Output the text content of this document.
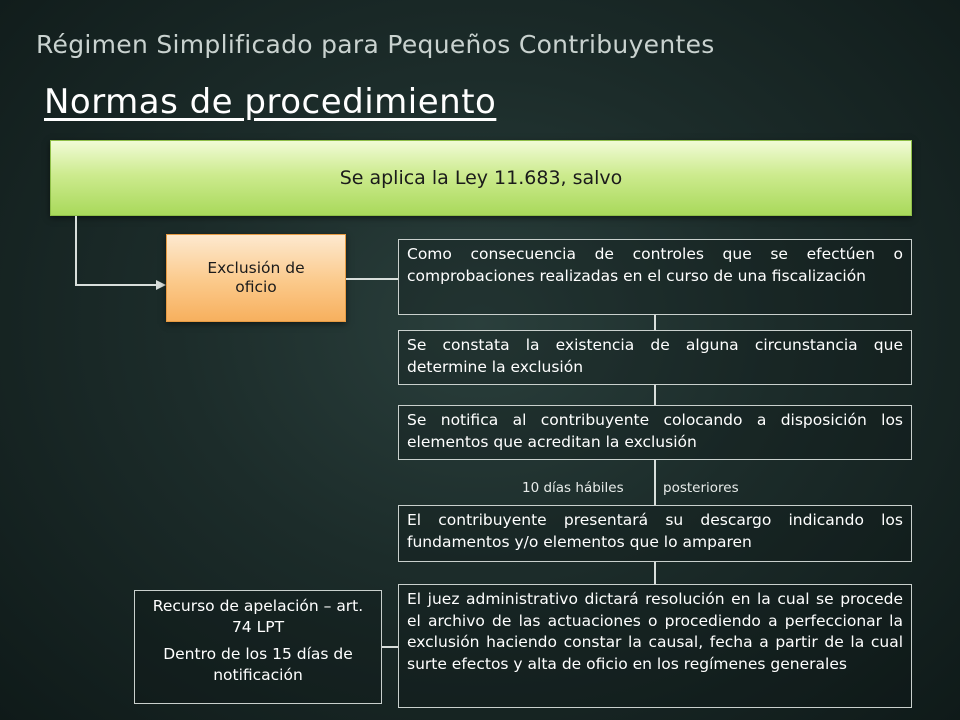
Régimen Simplificado para Pequeños Contribuyentes
Normas de procedimiento
Se aplica la Ley 11.683, salvo
Exclusión de oficio
Como consecuencia de controles que se efectúen o comprobaciones realizadas en el curso de una fiscalización
Se constata la existencia de alguna circunstancia que determine la exclusión
Se notifica al contribuyente colocando a disposición los elementos que acreditan la exclusión
10 días hábiles	posteriores
El contribuyente presentará su descargo indicando los fundamentos y/o elementos que lo amparen
El juez administrativo dictará resolución en la cual se procede el archivo de las actuaciones o procediendo a perfeccionar la exclusión haciendo constar la causal, fecha a partir de la cual surte efectos y alta de oficio en los regímenes generales

Recurso de apelación – art. 74 LPT

Dentro de los 15 días de notificación
